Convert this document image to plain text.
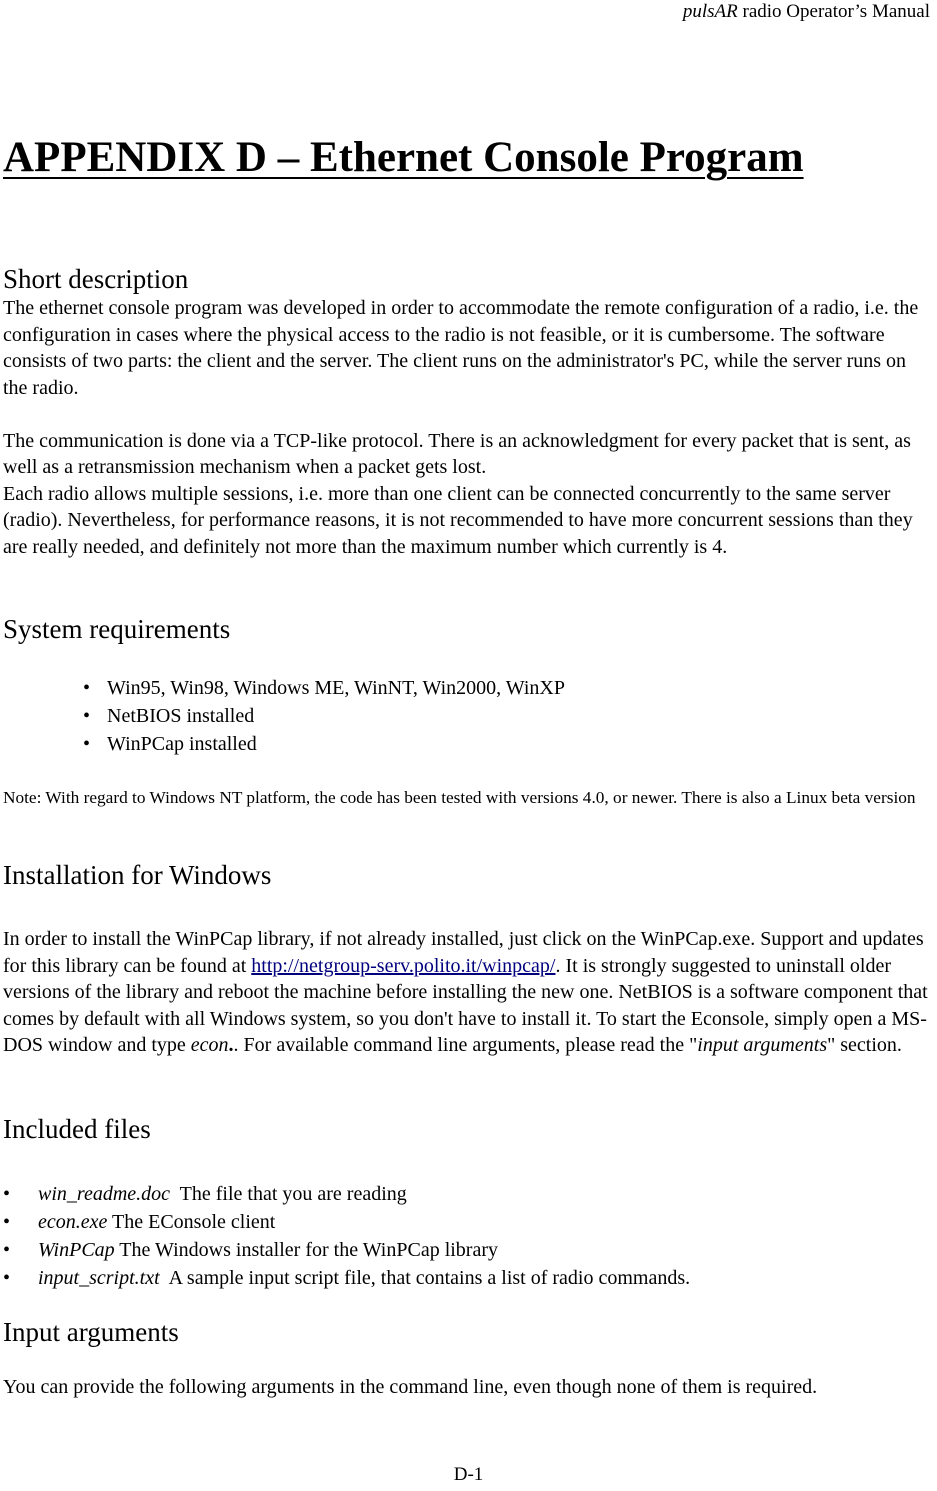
pulsAR radio Operator’s Manual
APPENDIX D – Ethernet Console Program
Short description

The ethernet console program was developed in order to accommodate the remote configuration of a radio, i.e. the configuration in cases where the physical access to the radio is not feasible, or it is cumbersome. The software consists of two parts: the client and the server. The client runs on the administrator's PC, while the server runs on the radio.

The communication is done via a TCP-like protocol. There is an acknowledgment for every packet that is sent, as well as a retransmission mechanism when a packet gets lost.

Each radio allows multiple sessions, i.e. more than one client can be connected concurrently to the same server (radio). Nevertheless, for performance reasons, it is not recommended to have more concurrent sessions than they are really needed, and definitely not more than the maximum number which currently is 4.

System requirements
• Win95, Win98, Windows ME, WinNT, Win2000, WinXP
• NetBIOS installed
• WinPCap installed
Note: With regard to Windows NT platform, the code has been tested with versions 4.0, or newer. There is also a Linux beta version
Installation for Windows
In order to install the WinPCap library, if not already installed, just click on the WinPCap.exe. Support and updates for this library can be found at http://netgroup-serv.polito.it/winpcap/. It is strongly suggested to uninstall older versions of the library and reboot the machine before installing the new one. NetBIOS is a software component that comes by default with all Windows system, so you don't have to install it. To start the Econsole, simply open a MS-DOS window and type econ.. For available command line arguments, please read the "input arguments" section.
Included files
• win_readme.doc  The file that you are reading
• econ.exe The EConsole client
• WinPCap The Windows installer for the WinPCap library
• input_script.txt  A sample input script file, that contains a list of radio commands.
Input arguments
You can provide the following arguments in the command line, even though none of them is required.
D-1
